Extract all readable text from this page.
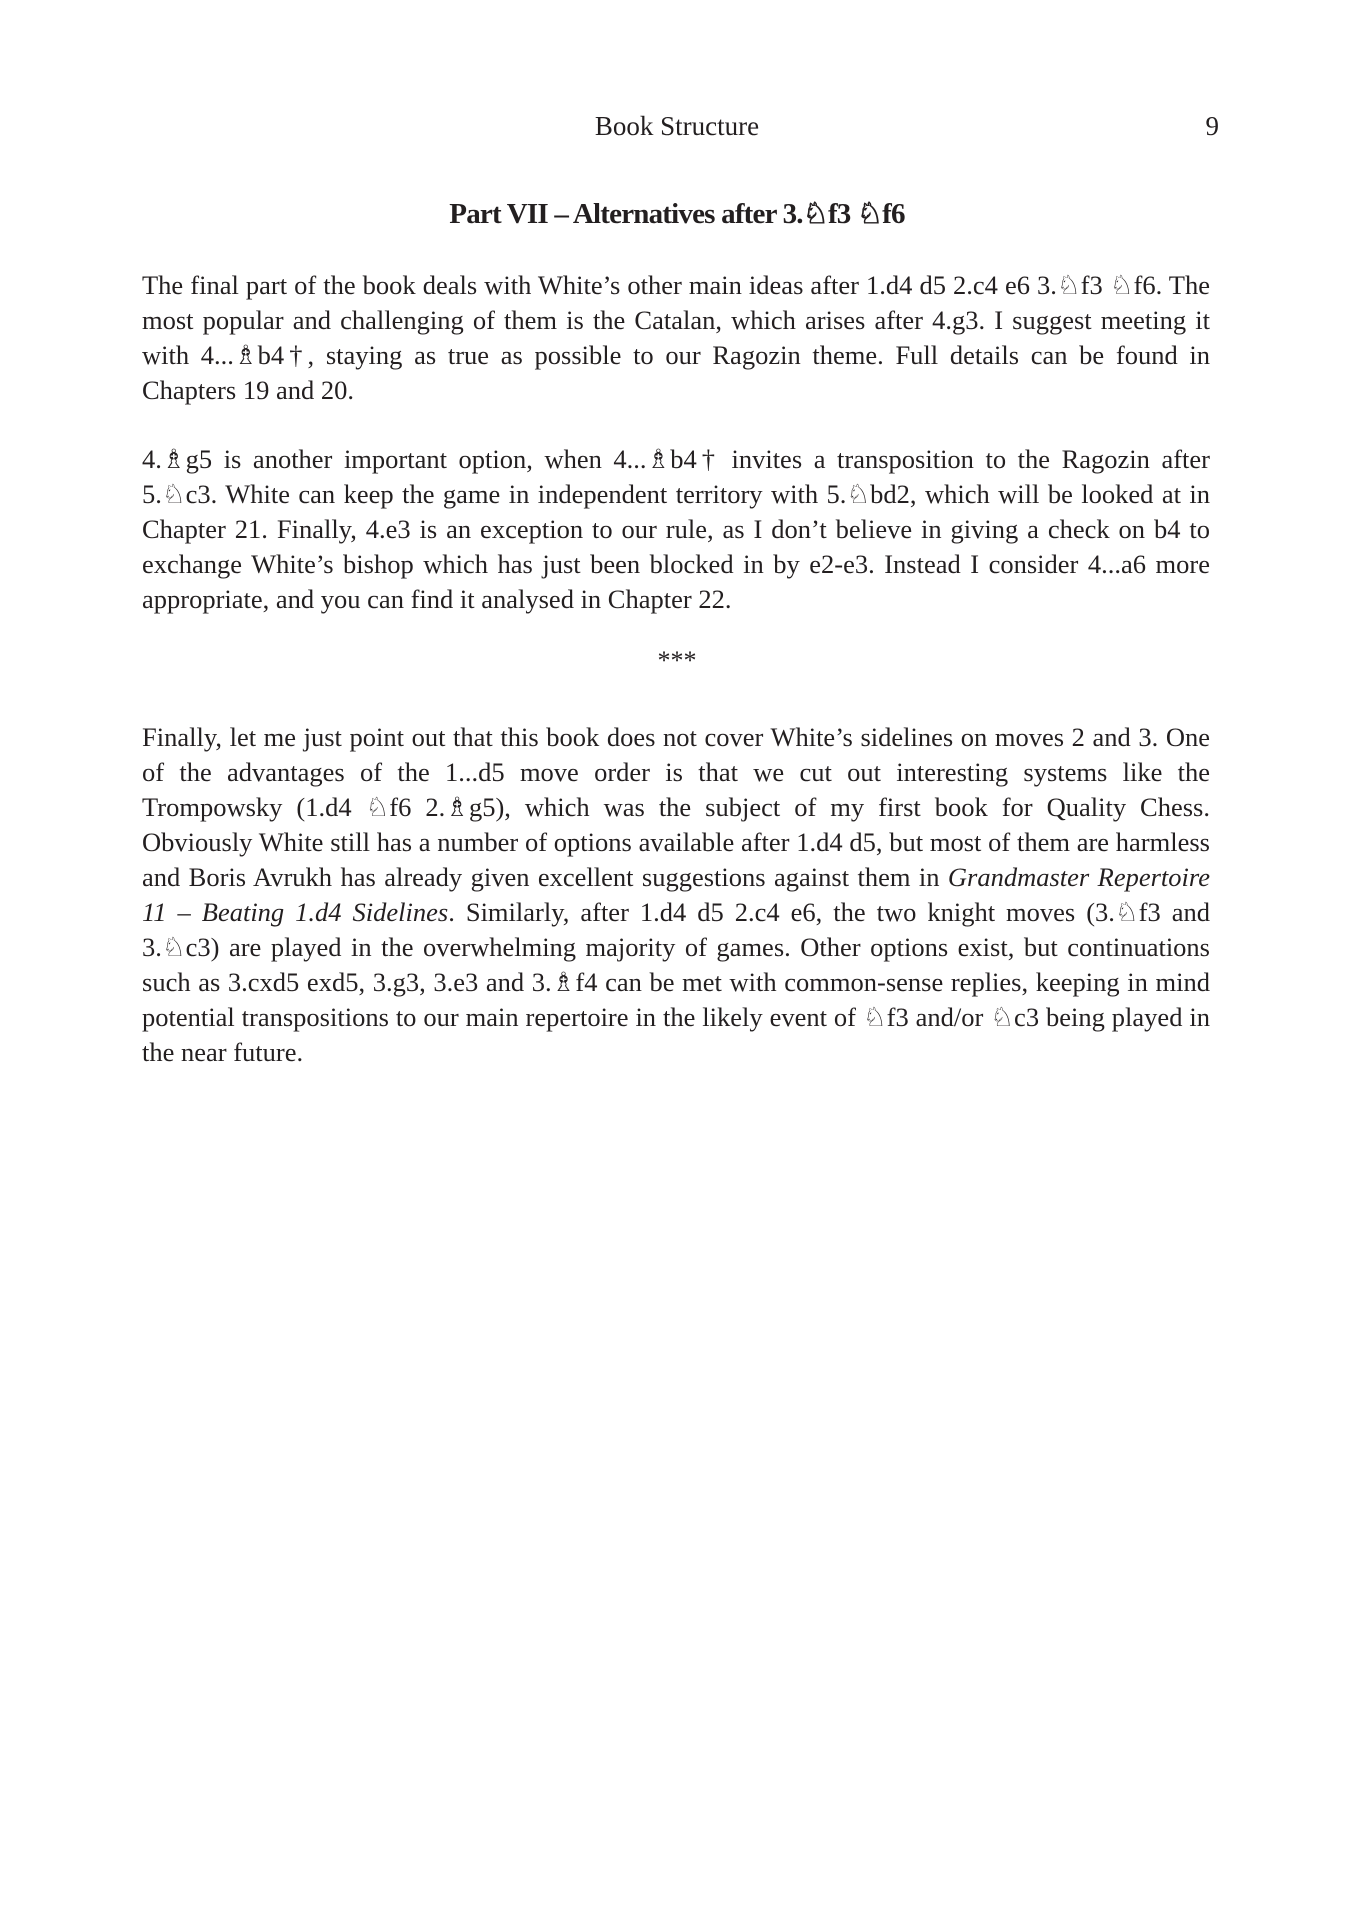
Book Structure	9
Part VII – Alternatives after 3.♘f3 ♘f6

The final part of the book deals with White’s other main ideas after 1.d4 d5 2.c4 e6 3.♘f3 ♘f6. The most popular and challenging of them is the Catalan, which arises after 4.g3. I suggest meeting it with 4...♗b4†, staying as true as possible to our Ragozin theme. Full details can be found in Chapters 19 and 20.

4.♗g5 is another important option, when 4...♗b4† invites a transposition to the Ragozin after 5.♘c3. White can keep the game in independent territory with 5.♘bd2, which will be looked at in Chapter 21. Finally, 4.e3 is an exception to our rule, as I don’t believe in giving a check on b4 to exchange White’s bishop which has just been blocked in by e2-e3. Instead I consider 4...a6 more appropriate, and you can find it analysed in Chapter 22.

***

Finally, let me just point out that this book does not cover White’s sidelines on moves 2 and 3. One of the advantages of the 1...d5 move order is that we cut out interesting systems like the Trompowsky (1.d4 ♘f6 2.♗g5), which was the subject of my first book for Quality Chess. Obviously White still has a number of options available after 1.d4 d5, but most of them are harmless and Boris Avrukh has already given excellent suggestions against them in Grandmaster Repertoire 11 – Beating 1.d4 Sidelines. Similarly, after 1.d4 d5 2.c4 e6, the two knight moves (3.♘f3 and 3.♘c3) are played in the overwhelming majority of games. Other options exist, but continuations such as 3.cxd5 exd5, 3.g3, 3.e3 and 3.♗f4 can be met with common-sense replies, keeping in mind potential transpositions to our main repertoire in the likely event of ♘f3 and/or ♘c3 being played in the near future.
